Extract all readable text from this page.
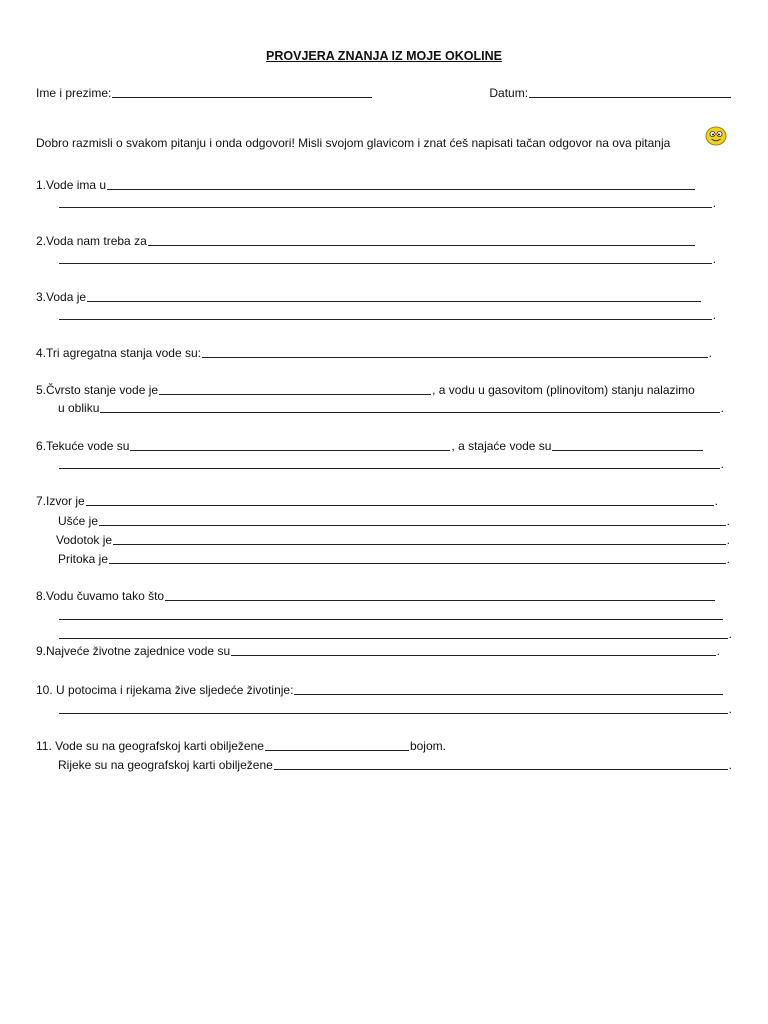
PROVJERA ZNANJA IZ MOJE OKOLINE
Ime i prezime:	Datum:
Dobro razmisli o svakom pitanju i onda odgovori! Misli svojom glavicom i znat ćeš napisati tačan odgovor na ova pitanja
1.Vode ima u
.
2.Voda nam treba za
.
3.Voda je
.
4.Tri agregatna stanja vode su:	.
5.Čvrsto stanje vode je	, a vodu u gasovitom (plinovitom) stanju nalazimo
u obliku	.
6.Tekuće vode su	, a stajaće vode su
.
7.Izvor je	.
Ušće je	.
Vodotok je	.
Pritoka je	.
8.Vodu čuvamo tako što
.
9.Najveće životne zajednice vode su	.
10. U potocima i rijekama žive sljedeće životinje:
.
11. Vode su na geografskoj karti obilježene	bojom.
Rijeke su na geografskoj karti obilježene	.
